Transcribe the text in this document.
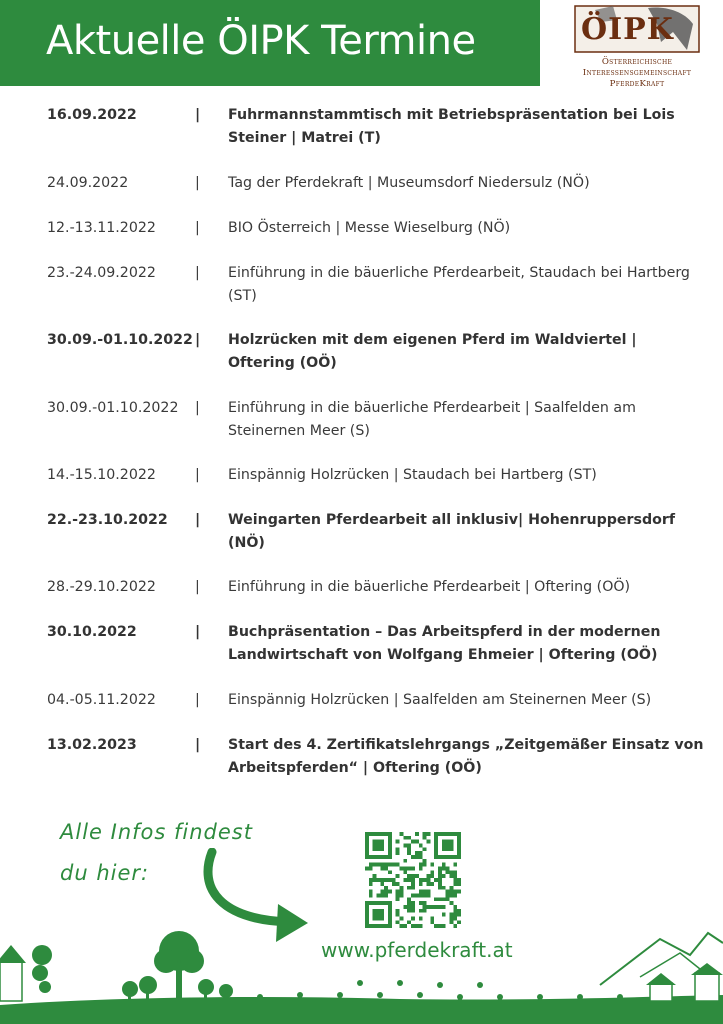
Aktuelle ÖIPK Termine	ÖIPK
Österreichische
Interessensgemeinschaft
PferdeKraft
16.09.2022	| Fuhrmannstammtisch mit Betriebspräsentation bei Lois Steiner | Matrei (T)
24.09.2022	| Tag der Pferdekraft | Museumsdorf Niedersulz (NÖ)
12.-13.11.2022	| BIO Österreich | Messe Wieselburg (NÖ)
23.-24.09.2022	| Einführung in die bäuerliche Pferdearbeit, Staudach bei Hartberg (ST)
30.09.-01.10.2022 | Holzrücken mit dem eigenen Pferd im Waldviertel | Oftering (OÖ)
30.09.-01.10.2022 | Einführung in die bäuerliche Pferdearbeit | Saalfelden am Steinernen Meer (S)
14.-15.10.2022	| Einspännig Holzrücken | Staudach bei Hartberg (ST)
22.-23.10.2022 | Weingarten Pferdearbeit all inklusiv| Hohenruppersdorf (NÖ)
28.-29.10.2022	| Einführung in die bäuerliche Pferdearbeit | Oftering (OÖ)
30.10.2022	| Buchpräsentation – Das Arbeitspferd in der modernen Landwirtschaft von Wolfgang Ehmeier | Oftering (OÖ)
04.-05.11.2022	| Einspännig Holzrücken | Saalfelden am Steinernen Meer (S)
13.02.2023	| Start des 4. Zertifikatslehrgangs „Zeitgemäßer Einsatz von Arbeitspferden“ | Oftering (OÖ)
Alle Infos findest
du hier:
www.pferdekraft.at
